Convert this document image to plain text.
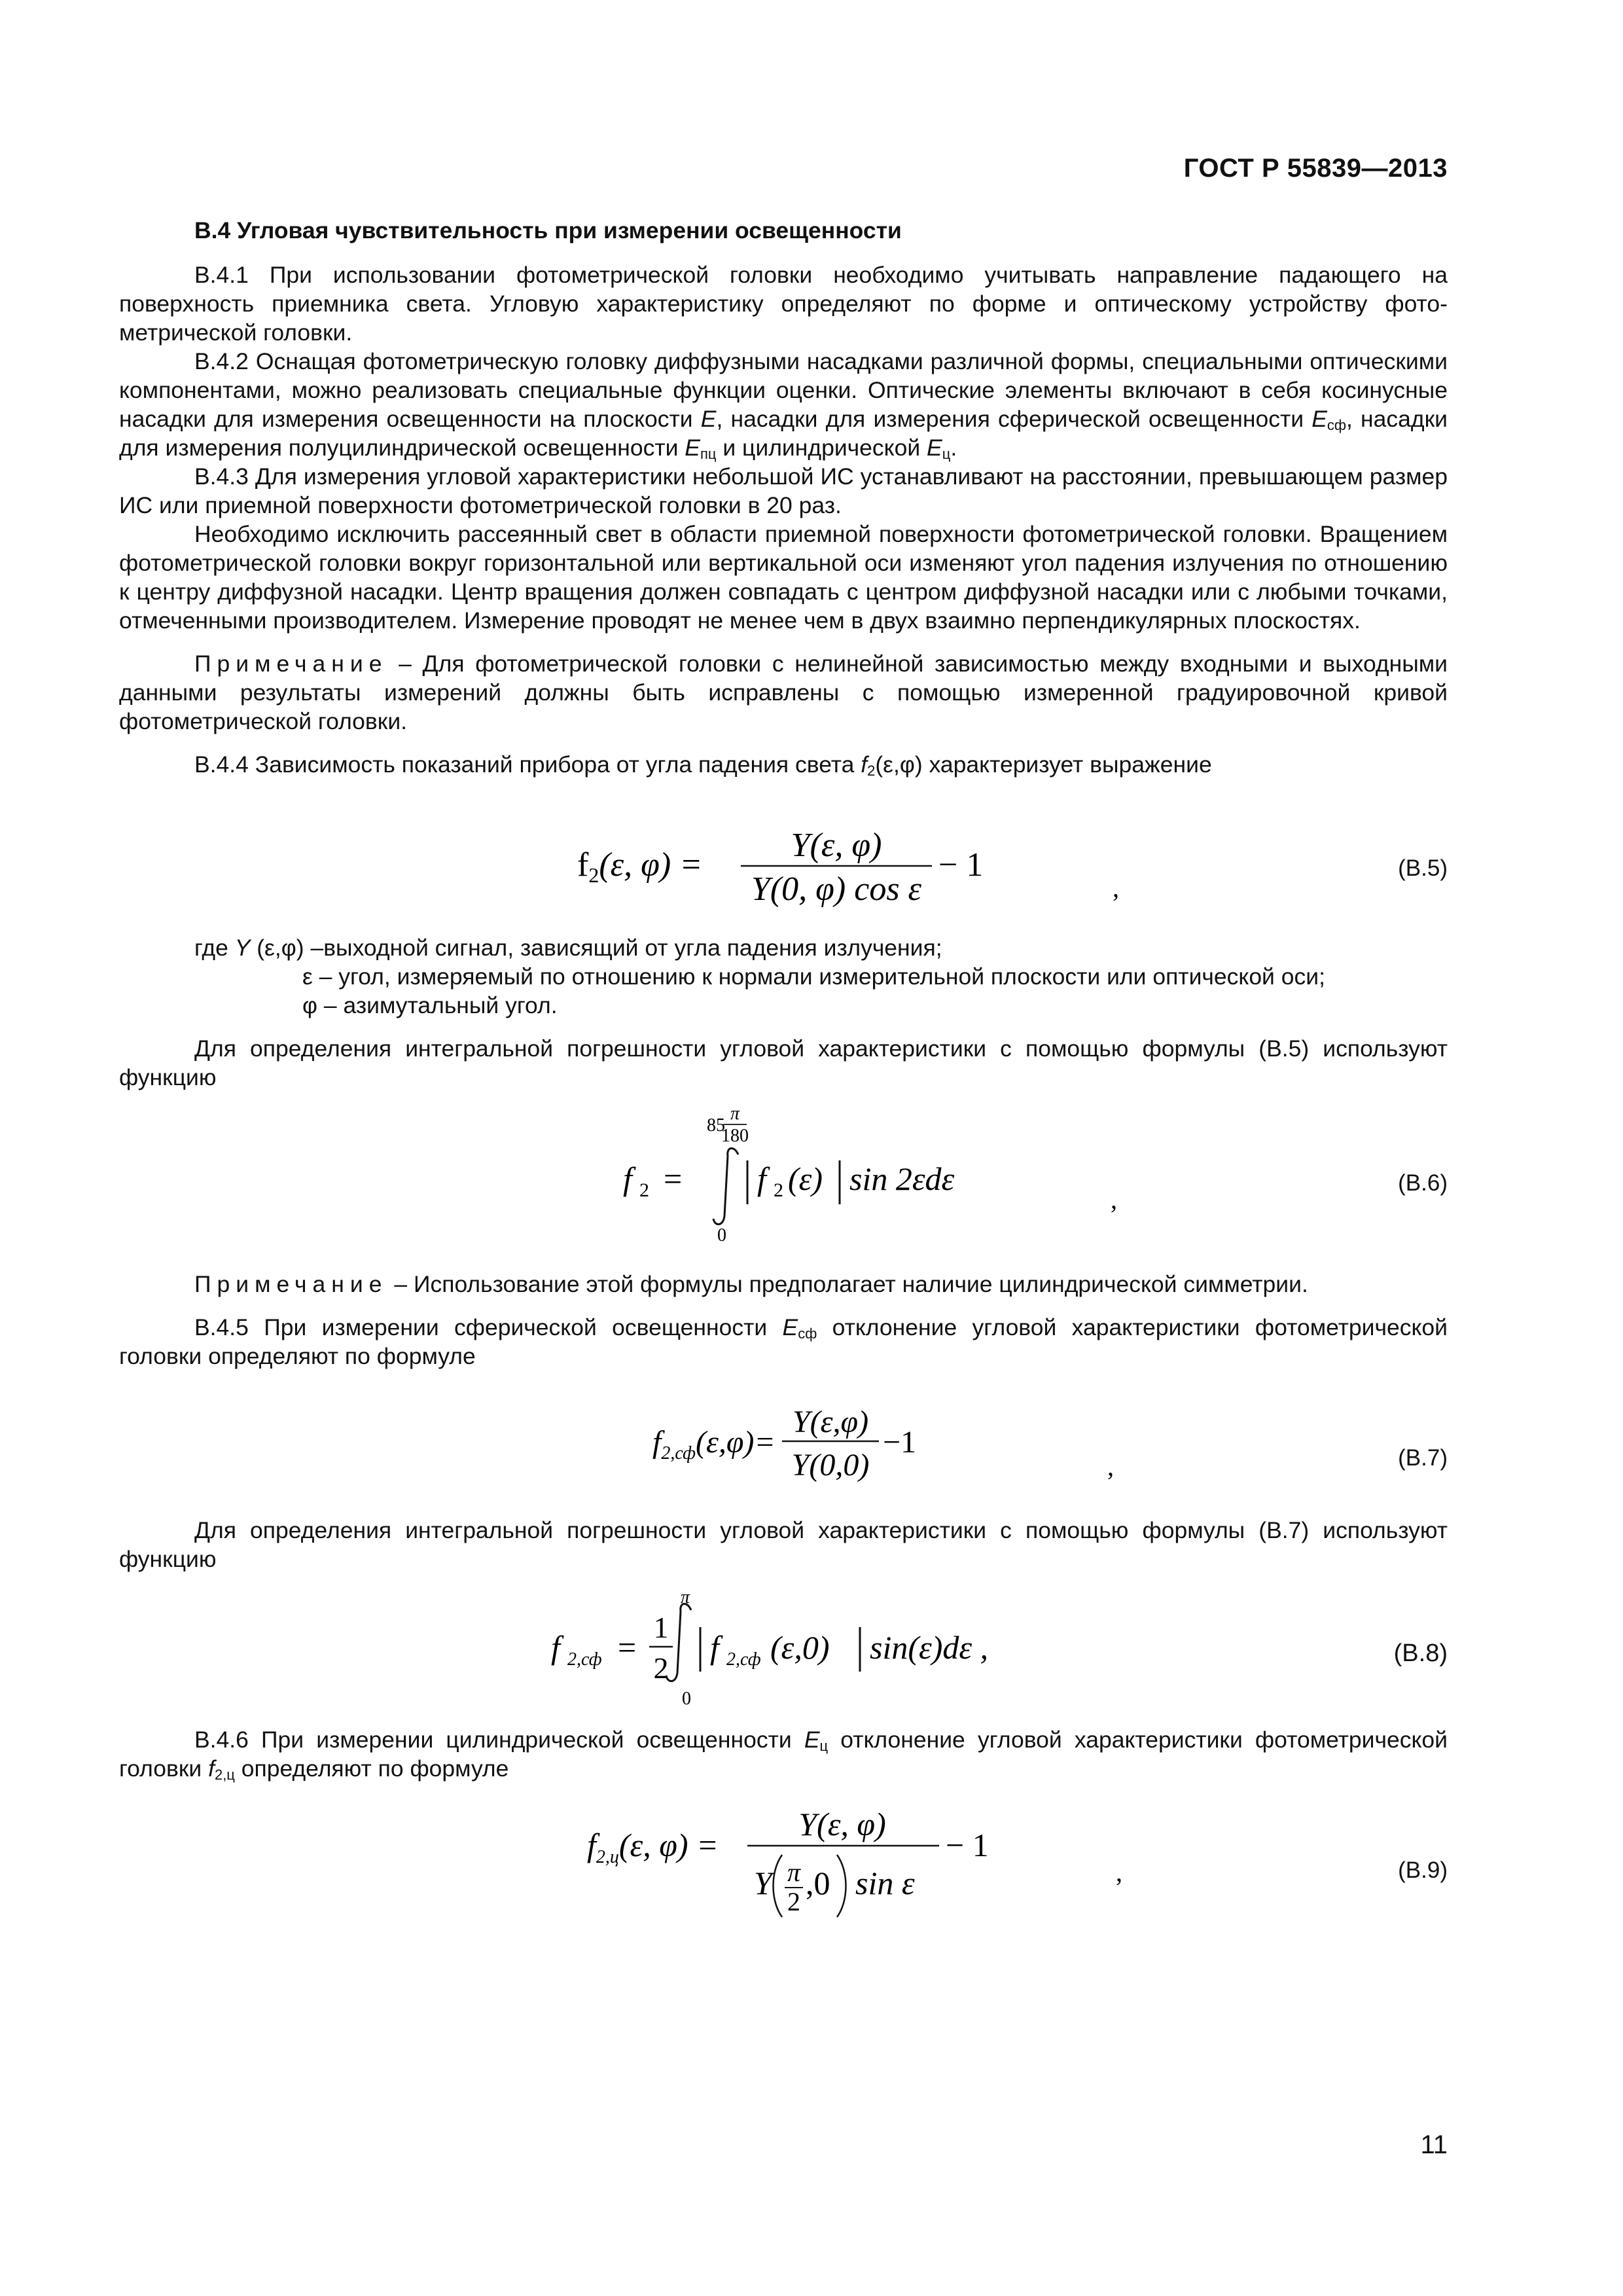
ГОСТ Р 55839—2013
В.4 Угловая чувствительность при измерении освещенности

В.4.1 При использовании фотометрической головки необходимо учитывать направление падающего на поверхность приемника света. Угловую характеристику определяют по форме и оптическому устройству фотометрической головки.

В.4.2 Оснащая фотометрическую головку диффузными насадками различной формы, специальными оптическими компонентами, можно реализовать специальные функции оценки. Оптические элементы включают в себя косинусные насадки для измерения освещенности на плоскости E, насадки для измерения сферической освещенности $E_{сф}$, насадки для измерения полуцилиндрической освещенности $E_{пц}$ и цилиндрической $E_ц$.

В.4.3 Для измерения угловой характеристики небольшой ИС устанавливают на расстоянии, превышающем размер ИС или приемной поверхности фотометрической головки в 20 раз.

Необходимо исключить рассеянный свет в области приемной поверхности фотометрической головки. Вращением фотометрической головки вокруг горизонтальной или вертикальной оси изменяют угол падения излучения по отношению к центру диффузной насадки. Центр вращения должен совпадать с центром диффузной насадки или с любыми точками, отмеченными производителем. Измерение проводят не менее чем в двух взаимно перпендикулярных плоскостях.

Примечание – Для фотометрической головки с нелинейной зависимостью между входными и выходными данными результаты измерений должны быть исправлены с помощью измеренной градуировочной кривой фотометрической головки.

В.4.4 Зависимость показаний прибора от угла падения света $f_2(\varepsilon,\varphi)$ характеризует выражение

f2(ε, φ) =
Y(ε, φ)
Y(0, φ) cos ε
− 1
,
(В.5)
где Y (ε,φ) –выходной сигнал, зависящий от угла падения излучения;
ε – угол, измеряемый по отношению к нормали измерительной плоскости или оптической оси;
φ – азимутальный угол.

Для определения интегральной погрешности угловой характеристики с помощью формулы (В.5) используют функцию

f 2 =
85
π
180
0
f 2 (ε) sin 2εdε
,
(В.6)

Примечание – Использование этой формулы предполагает наличие цилиндрической симметрии.

В.4.5 При измерении сферической освещенности $E_{сф}$ отклонение угловой характеристики фотометрической головки определяют по формуле

$f_{2,сф}(\varepsilon,\varphi)=$
Y(ε,φ)
Y(0,0)
−1
,	(В.7)

Для определения интегральной погрешности угловой характеристики с помощью формулы (В.7) используют функцию

f 2,сф =
1
2
π
0
f 2,сф (ε,0) sin(ε)dε ,	(В.8)

В.4.6 При измерении цилиндрической освещенности $E_ц$ отклонение угловой характеристики фотометрической головки $f_{2,ц}$ определяют по формуле

$f_{2,ц}(\varepsilon$, φ) =
Y(ε, φ)
Y π
2
,0 sin ε
− 1
,	(В.9)
11
